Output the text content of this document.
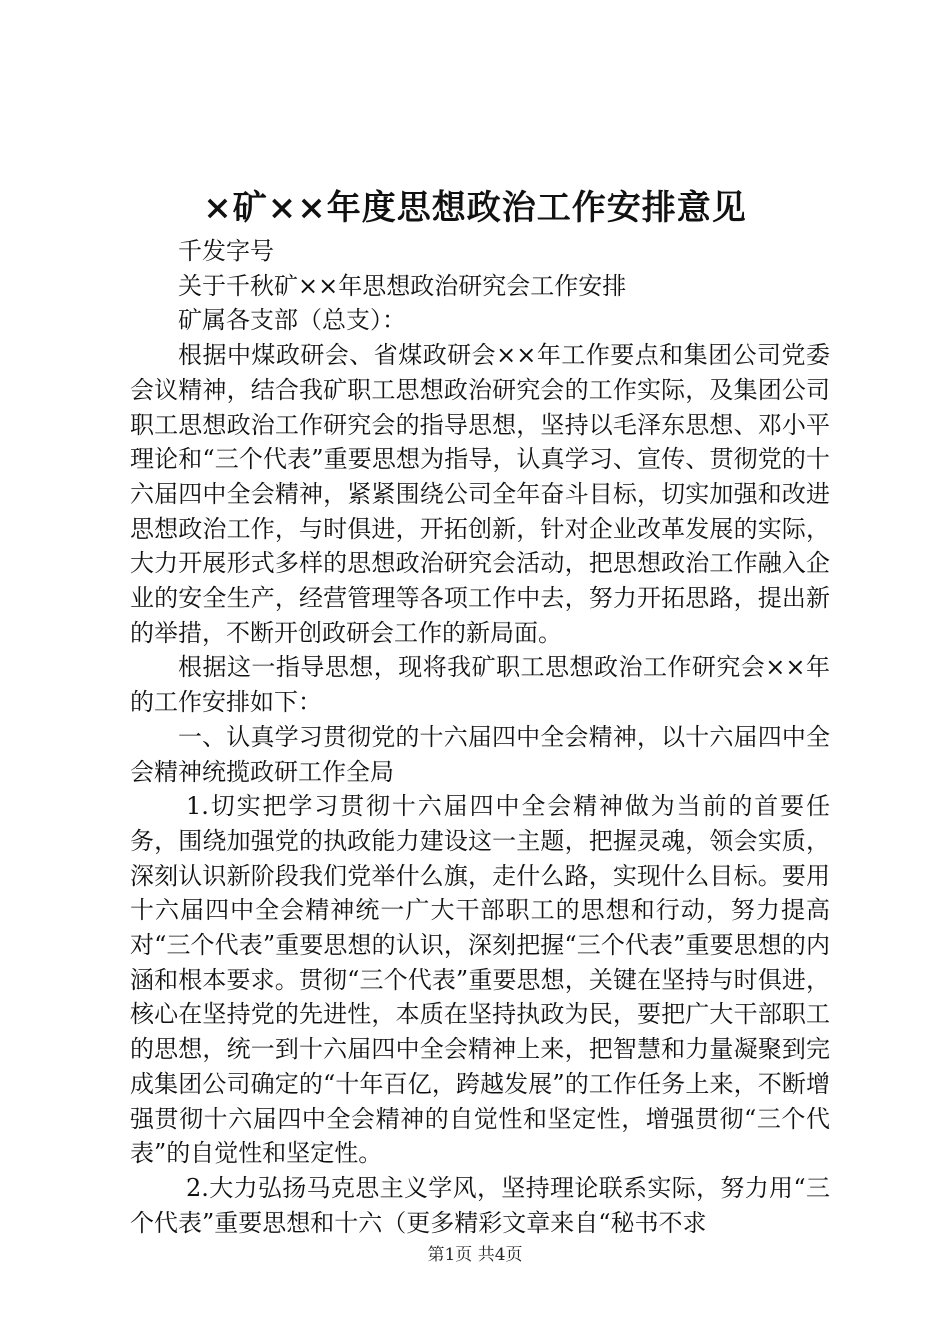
×矿××年度思想政治工作安排意见

千发字号

关于千秋矿××年思想政治研究会工作安排

矿属各支部（总支）：

根据中煤政研会、省煤政研会××年工作要点和集团公司党委会议精神，结合我矿职工思想政治研究会的工作实际，及集团公司职工思想政治工作研究会的指导思想，坚持以毛泽东思想、邓小平理论和“三个代表”重要思想为指导，认真学习、宣传、贯彻党的十六届四中全会精神，紧紧围绕公司全年奋斗目标，切实加强和改进思想政治工作，与时俱进，开拓创新，针对企业改革发展的实际，大力开展形式多样的思想政治研究会活动，把思想政治工作融入企业的安全生产，经营管理等各项工作中去，努力开拓思路，提出新的举措，不断开创政研会工作的新局面。

根据这一指导思想，现将我矿职工思想政治工作研究会××年的工作安排如下：

一、认真学习贯彻党的十六届四中全会精神，以十六届四中全会精神统揽政研工作全局

1.切实把学习贯彻十六届四中全会精神做为当前的首要任务，围绕加强党的执政能力建设这一主题，把握灵魂，领会实质，深刻认识新阶段我们党举什么旗，走什么路，实现什么目标。要用十六届四中全会精神统一广大干部职工的思想和行动，努力提高对“三个代表”重要思想的认识，深刻把握“三个代表”重要思想的内涵和根本要求。贯彻“三个代表”重要思想，关键在坚持与时俱进，核心在坚持党的先进性，本质在坚持执政为民，要把广大干部职工的思想，统一到十六届四中全会精神上来，把智慧和力量凝聚到完成集团公司确定的“十年百亿，跨越发展”的工作任务上来，不断增强贯彻十六届四中全会精神的自觉性和坚定性，增强贯彻“三个代表”的自觉性和坚定性。

2.大力弘扬马克思主义学风，坚持理论联系实际，努力用“三个代表”重要思想和十六（更多精彩文章来自“秘书不求

第1页 共4页
